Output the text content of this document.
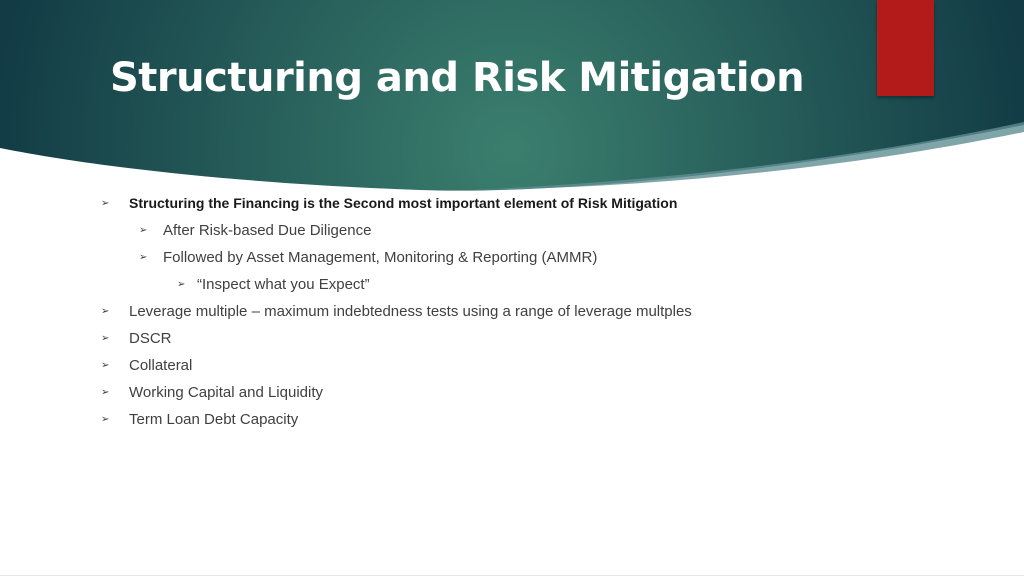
Structuring and Risk Mitigation
➢ Structuring the Financing is the Second most important element of Risk Mitigation
➢ After Risk-based Due Diligence
➢ Followed by Asset Management, Monitoring & Reporting (AMMR)
➢ “Inspect what you Expect”
➢ Leverage multiple – maximum indebtedness tests using a range of leverage multples
➢ DSCR
➢ Collateral
➢ Working Capital and Liquidity
➢ Term Loan Debt Capacity
